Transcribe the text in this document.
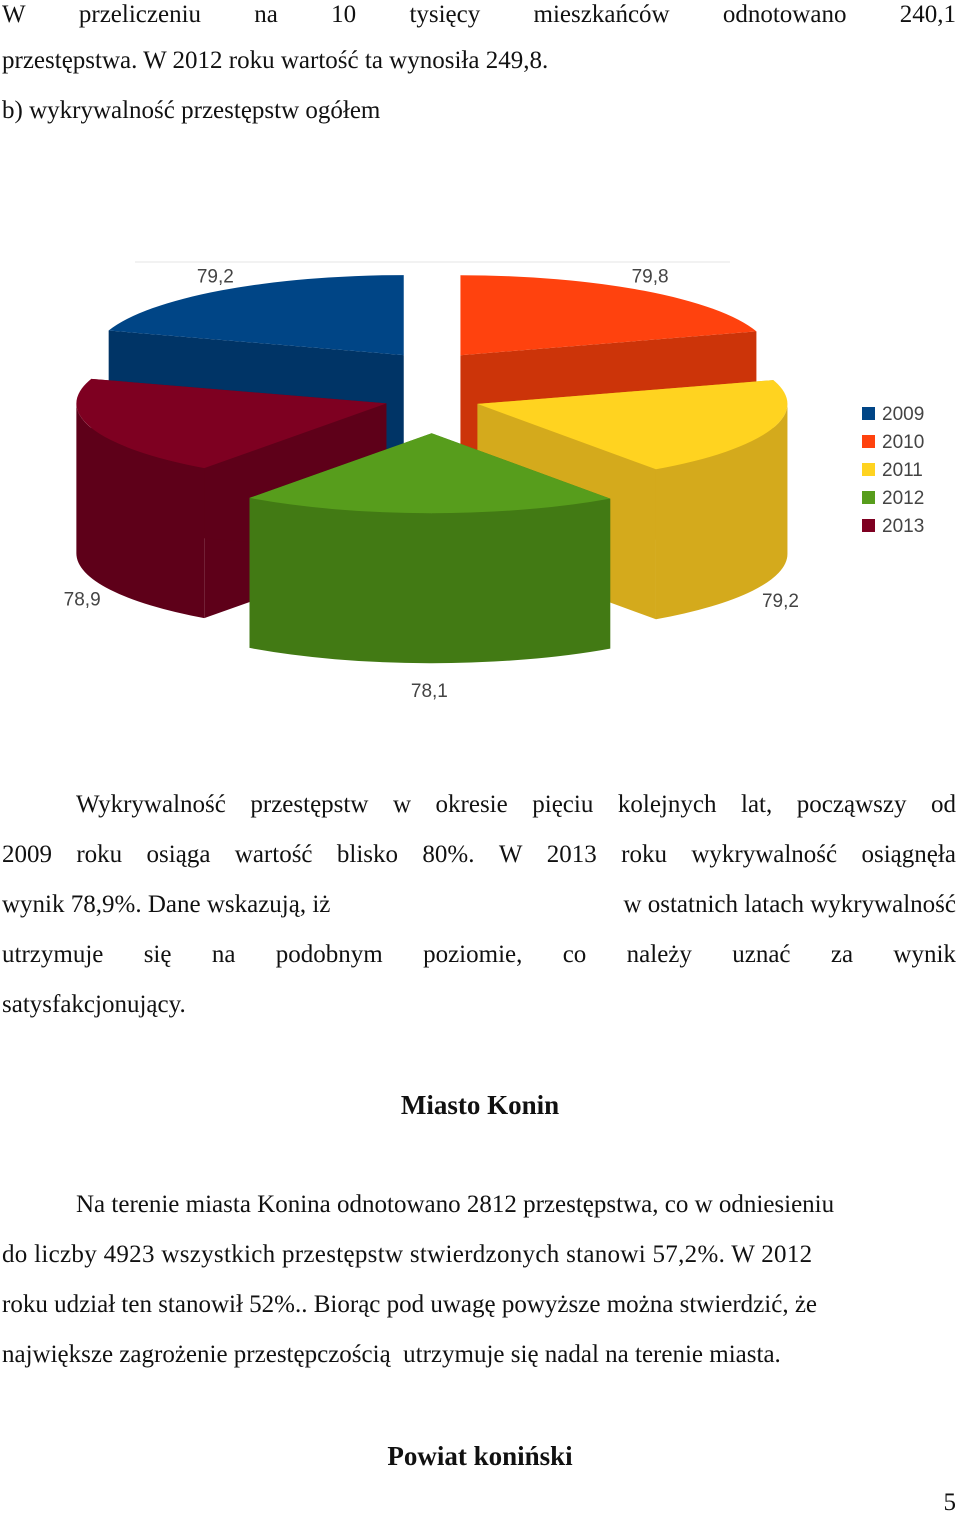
W przeliczeniu na 10 tysięcy mieszkańców odnotowano 240,1
przestępstwa. W 2012 roku wartość ta wynosiła 249,8.
b) wykrywalność przestępstw ogółem
79,2	79,8
78,9	79,2
78,1
2009
2010
2011
2012
2013
Wykrywalność przestępstw w okresie pięciu kolejnych lat, począwszy od
2009 roku osiąga wartość blisko 80%. W 2013 roku wykrywalność osiągnęła
wynik 78,9%. Dane wskazują, iż	w ostatnich latach wykrywalność
utrzymuje się na podobnym poziomie, co należy uznać za wynik
satysfakcjonujący.
Miasto Konin
Na terenie miasta Konina odnotowano 2812 przestępstwa, co w odniesieniu
do liczby 4923 wszystkich przestępstw stwierdzonych stanowi 57,2%. W 2012
roku udział ten stanowił 52%.. Biorąc pod uwagę powyższe można stwierdzić, że
największe zagrożenie przestępczością  utrzymuje się nadal na terenie miasta.
Powiat koniński
5
